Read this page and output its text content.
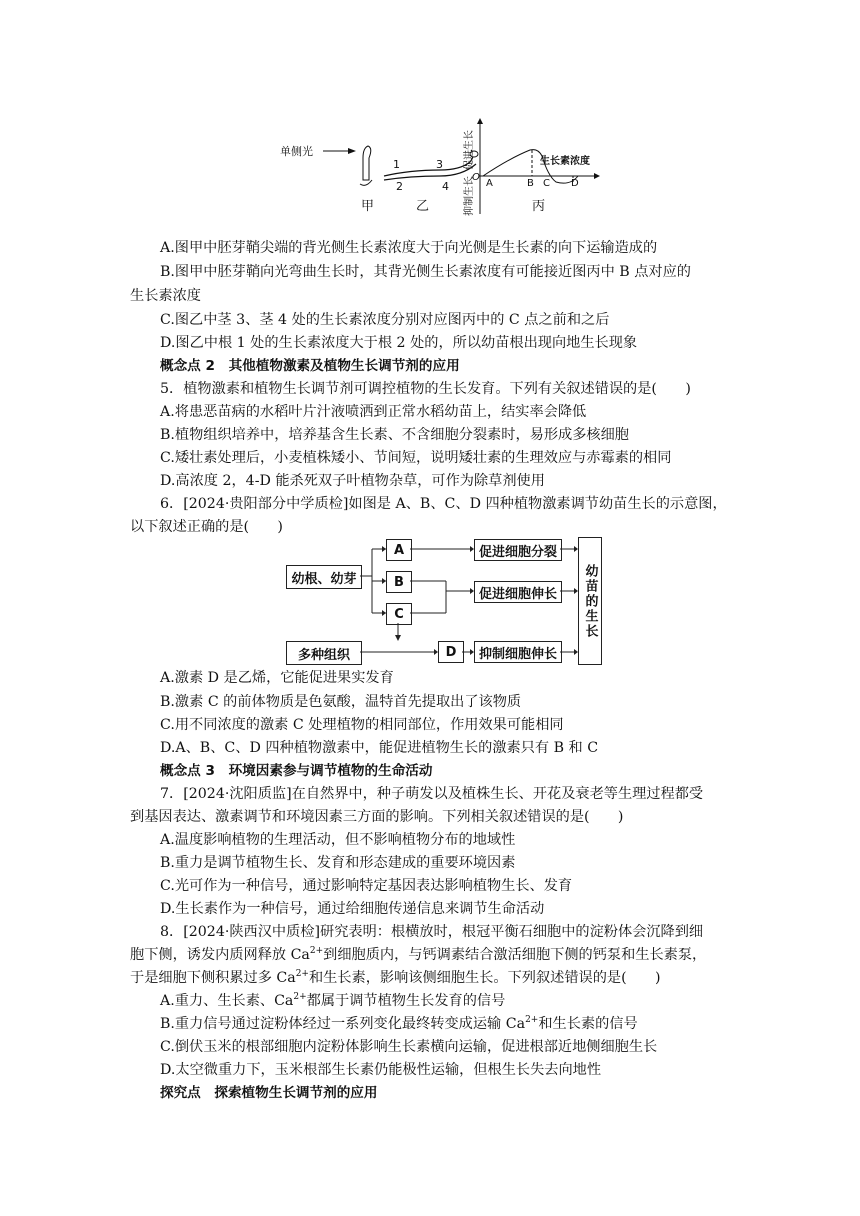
单侧光
甲
1
2
3
4
乙
促进生长
抑制生长
O
生长素浓度
A	B C D
丙
A.图甲中胚芽鞘尖端的背光侧生长素浓度大于向光侧是生长素的向下运输造成的
B.图甲中胚芽鞘向光弯曲生长时，其背光侧生长素浓度有可能接近图丙中 B 点对应的
生长素浓度
C.图乙中茎 3、茎 4 处的生长素浓度分别对应图丙中的 C 点之前和之后
D.图乙中根 1 处的生长素浓度大于根 2 处的，所以幼苗根出现向地生长现象
概念点 2　其他植物激素及植物生长调节剂的应用
5．植物激素和植物生长调节剂可调控植物的生长发育。下列有关叙述错误的是(　　)
A.将患恶苗病的水稻叶片汁液喷洒到正常水稻幼苗上，结实率会降低
B.植物组织培养中，培养基含生长素、不含细胞分裂素时，易形成多核细胞
C.矮壮素处理后，小麦植株矮小、节间短，说明矮壮素的生理效应与赤霉素的相同
D.高浓度 2，4-D 能杀死双子叶植物杂草，可作为除草剂使用
6．[2024·贵阳部分中学质检]如图是 A、B、C、D 四种植物激素调节幼苗生长的示意图，
以下叙述正确的是(　　)
幼根、幼芽
多种组织
A
B
C
D
促进细胞分裂
促进细胞伸长
抑制细胞伸长
幼苗的生长
A.激素 D 是乙烯，它能促进果实发育
B.激素 C 的前体物质是色氨酸，温特首先提取出了该物质
C.用不同浓度的激素 C 处理植物的相同部位，作用效果可能相同
D.A、B、C、D 四种植物激素中，能促进植物生长的激素只有 B 和 C
概念点 3　环境因素参与调节植物的生命活动
7．[2024·沈阳质监]在自然界中，种子萌发以及植株生长、开花及衰老等生理过程都受
到基因表达、激素调节和环境因素三方面的影响。下列相关叙述错误的是(　　)
A.温度影响植物的生理活动，但不影响植物分布的地域性
B.重力是调节植物生长、发育和形态建成的重要环境因素
C.光可作为一种信号，通过影响特定基因表达影响植物生长、发育
D.生长素作为一种信号，通过给细胞传递信息来调节生命活动
8．[2024·陕西汉中质检]研究表明：根横放时，根冠平衡石细胞中的淀粉体会沉降到细
胞下侧，诱发内质网释放 $Ca^{2+}$到细胞质内，与钙调素结合激活细胞下侧的钙泵和生长素泵，
于是细胞下侧积累过多 $Ca^{2+}$和生长素，影响该侧细胞生长。下列叙述错误的是(　　)
A.重力、生长素、$Ca^{2+}$都属于调节植物生长发育的信号
B.重力信号通过淀粉体经过一系列变化最终转变成运输 $Ca^{2+}$和生长素的信号
C.倒伏玉米的根部细胞内淀粉体影响生长素横向运输，促进根部近地侧细胞生长
D.太空微重力下，玉米根部生长素仍能极性运输，但根生长失去向地性
探究点　探索植物生长调节剂的应用
